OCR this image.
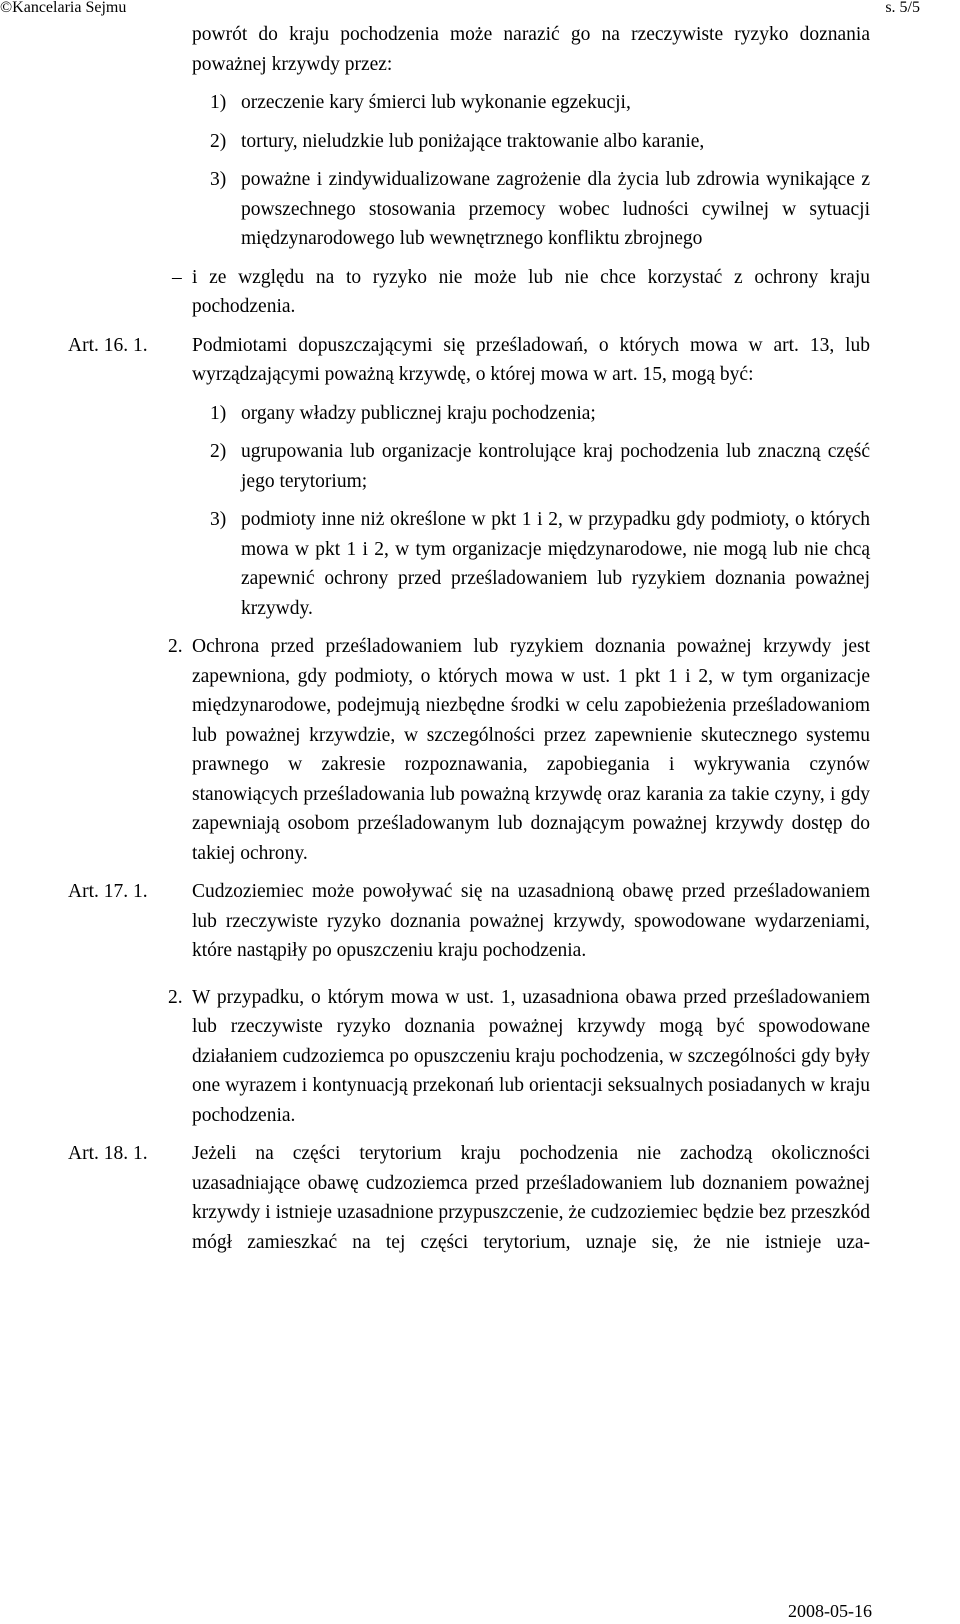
©Kancelaria Sejmu	s. 5/5

powrót do kraju pochodzenia może narazić go na rzeczywiste ryzyko doznania poważnej krzywdy przez:

1) orzeczenie kary śmierci lub wykonanie egzekucji,

2) tortury, nieludzkie lub poniżające traktowanie albo karanie,

3) poważne i zindywidualizowane zagrożenie dla życia lub zdrowia wynikające z powszechnego stosowania przemocy wobec ludności cywilnej w sytuacji międzynarodowego lub wewnętrznego konfliktu zbrojnego

– i ze względu na to ryzyko nie może lub nie chce korzystać z ochrony kraju pochodzenia.

Art. 16. 1. Podmiotami dopuszczającymi się prześladowań, o których mowa w art. 13, lub wyrządzającymi poważną krzywdę, o której mowa w art. 15, mogą być:

1) organy władzy publicznej kraju pochodzenia;

2) ugrupowania lub organizacje kontrolujące kraj pochodzenia lub znaczną część jego terytorium;

3) podmioty inne niż określone w pkt 1 i 2, w przypadku gdy podmioty, o których mowa w pkt 1 i 2, w tym organizacje międzynarodowe, nie mogą lub nie chcą zapewnić ochrony przed prześladowaniem lub ryzykiem doznania poważnej krzywdy.

2. Ochrona przed prześladowaniem lub ryzykiem doznania poważnej krzywdy jest zapewniona, gdy podmioty, o których mowa w ust. 1 pkt 1 i 2, w tym organizacje międzynarodowe, podejmują niezbędne środki w celu zapobieżenia prześladowaniom lub poważnej krzywdzie, w szczególności przez zapewnienie skutecznego systemu prawnego w zakresie rozpoznawania, zapobiegania i wykrywania czynów stanowiących prześladowania lub poważną krzywdę oraz karania za takie czyny, i gdy zapewniają osobom prześladowanym lub doznającym poważnej krzywdy dostęp do takiej ochrony.

Art. 17. 1. Cudzoziemiec może powoływać się na uzasadnioną obawę przed prześladowaniem lub rzeczywiste ryzyko doznania poważnej krzywdy, spowodowane wydarzeniami, które nastąpiły po opuszczeniu kraju pochodzenia.

2. W przypadku, o którym mowa w ust. 1, uzasadniona obawa przed prześladowaniem lub rzeczywiste ryzyko doznania poważnej krzywdy mogą być spowodowane działaniem cudzoziemca po opuszczeniu kraju pochodzenia, w szczególności gdy były one wyrazem i kontynuacją przekonań lub orientacji seksualnych posiadanych w kraju pochodzenia.

Art. 18. 1. Jeżeli na części terytorium kraju pochodzenia nie zachodzą okoliczności uzasadniające obawę cudzoziemca przed prześladowaniem lub doznaniem poważnej krzywdy i istnieje uzasadnione przypuszczenie, że cudzoziemiec będzie bez przeszkód mógł zamieszkać na tej części terytorium, uznaje się, że nie istnieje uza-

2008-05-16
